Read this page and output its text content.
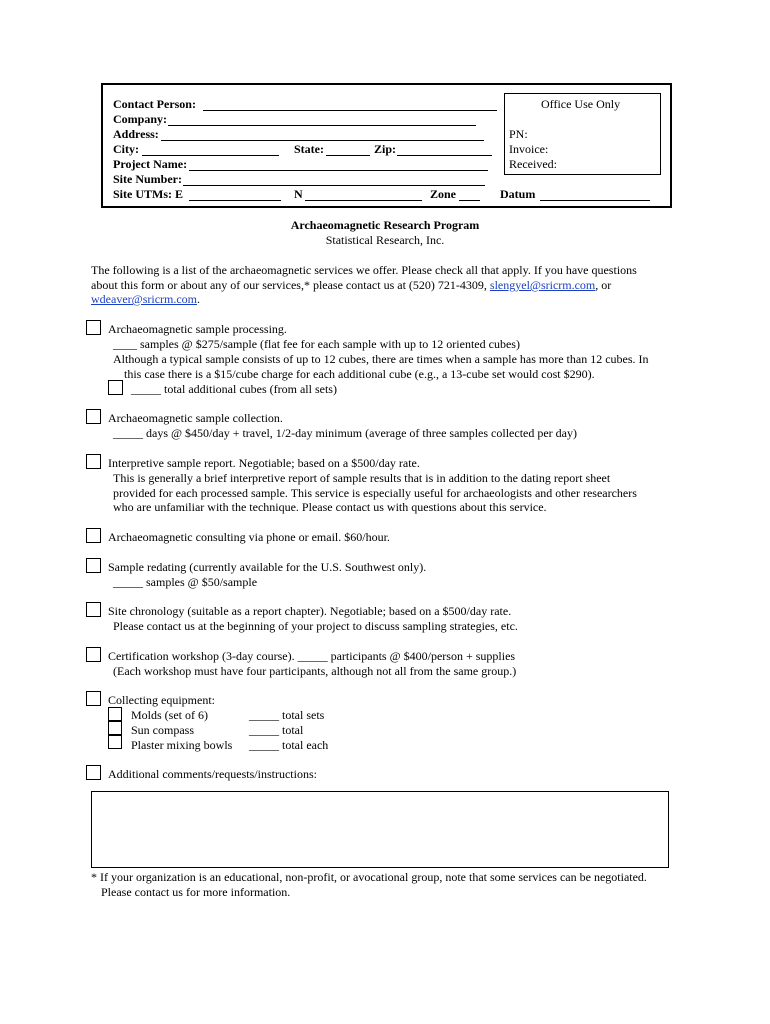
Contact Person:
Company:
Address:
City:	State:	Zip:
Project Name:
Site Number:
Site UTMs: E	N	Zone	Datum
Office Use Only
PN:
Invoice:
Received:
Archaeomagnetic Research Program
Statistical Research, Inc.
The following is a list of the archaeomagnetic services we offer. Please check all that apply. If you have questions
about this form or about any of our services,* please contact us at (520) 721-4309, slengyel@sricrm.com, or
wdeaver@sricrm.com.
Archaeomagnetic sample processing.
____ samples @ $275/sample (flat fee for each sample with up to 12 oriented cubes)
Although a typical sample consists of up to 12 cubes, there are times when a sample has more than 12 cubes. In
this case there is a $15/cube charge for each additional cube (e.g., a 13-cube set would cost $290).
_____ total additional cubes (from all sets)
Archaeomagnetic sample collection.
_____ days @ $450/day + travel, 1/2-day minimum (average of three samples collected per day)
Interpretive sample report. Negotiable; based on a $500/day rate.
This is generally a brief interpretive report of sample results that is in addition to the dating report sheet
provided for each processed sample. This service is especially useful for archaeologists and other researchers
who are unfamiliar with the technique. Please contact us with questions about this service.
Archaeomagnetic consulting via phone or email. $60/hour.
Sample redating (currently available for the U.S. Southwest only).
_____ samples @ $50/sample
Site chronology (suitable as a report chapter). Negotiable; based on a $500/day rate.
Please contact us at the beginning of your project to discuss sampling strategies, etc.
Certification workshop (3-day course). _____ participants @ $400/person + supplies
(Each workshop must have four participants, although not all from the same group.)
Collecting equipment:
Molds (set of 6)	_____ total sets
Sun compass	_____ total
Plaster mixing bowls _____ total each
Additional comments/requests/instructions:
* If your organization is an educational, non-profit, or avocational group, note that some services can be negotiated.
Please contact us for more information.
